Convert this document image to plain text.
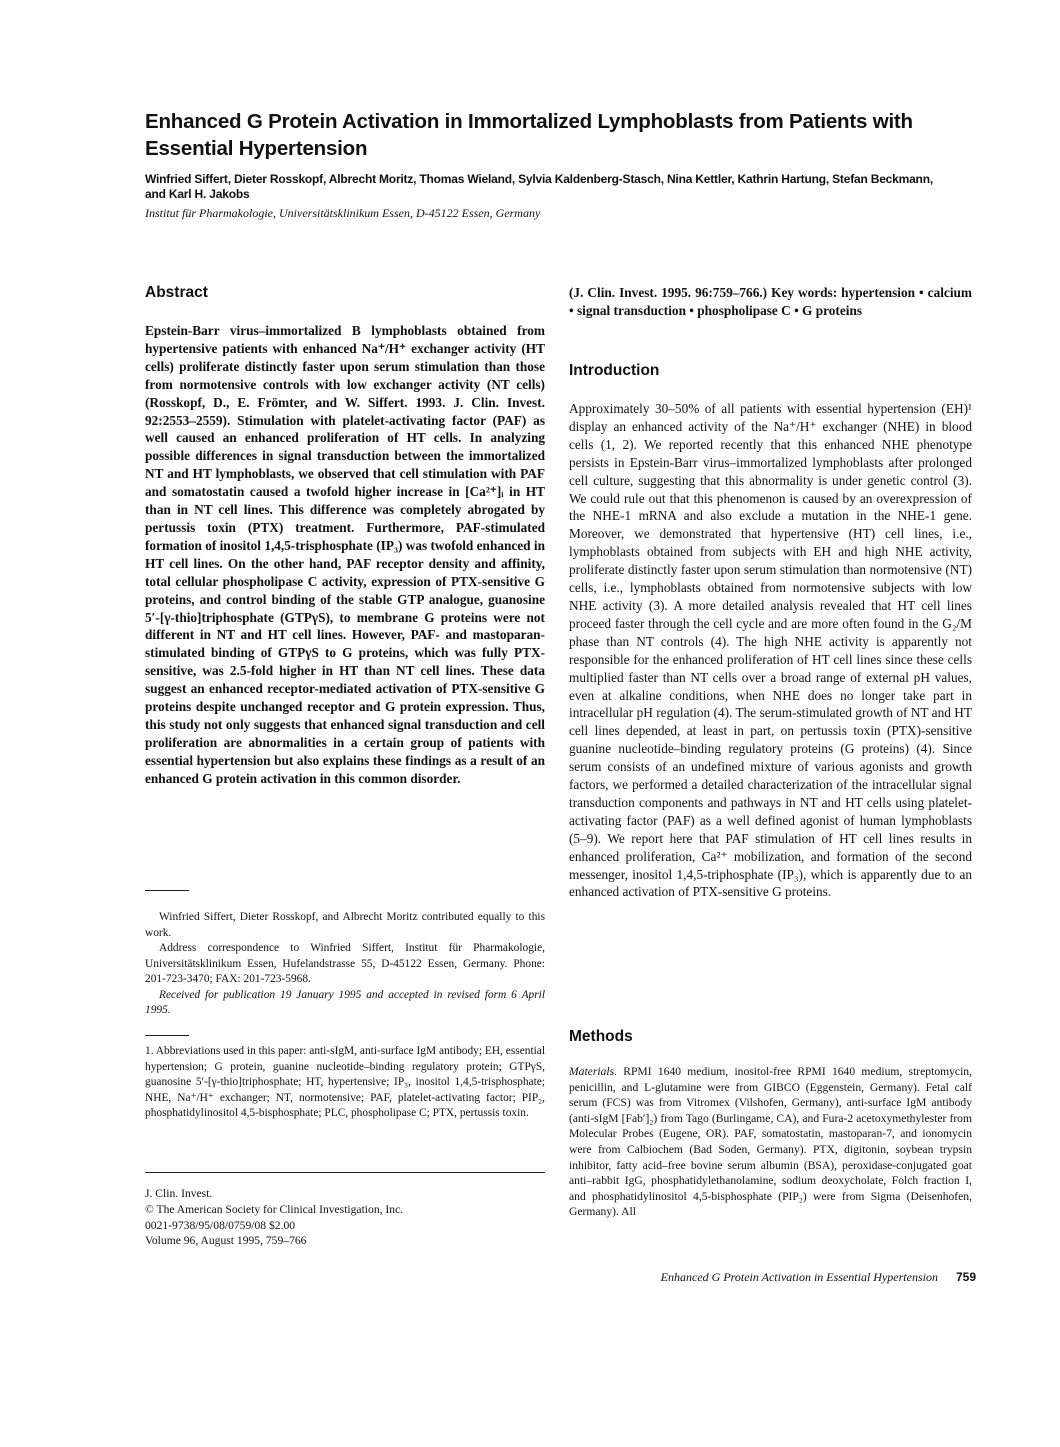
Enhanced G Protein Activation in Immortalized Lymphoblasts from Patients with Essential Hypertension
Winfried Siffert, Dieter Rosskopf, Albrecht Moritz, Thomas Wieland, Sylvia Kaldenberg-Stasch, Nina Kettler, Kathrin Hartung, Stefan Beckmann, and Karl H. Jakobs
Institut für Pharmakologie, Universitätsklinikum Essen, D-45122 Essen, Germany
Abstract
Epstein-Barr virus–immortalized B lymphoblasts obtained from hypertensive patients with enhanced Na⁺/H⁺ exchanger activity (HT cells) proliferate distinctly faster upon serum stimulation than those from normotensive controls with low exchanger activity (NT cells) (Rosskopf, D., E. Frömter, and W. Siffert. 1993. J. Clin. Invest. 92:2553–2559). Stimulation with platelet-activating factor (PAF) as well caused an enhanced proliferation of HT cells. In analyzing possible differences in signal transduction between the immortalized NT and HT lymphoblasts, we observed that cell stimulation with PAF and somatostatin caused a twofold higher increase in [Ca²⁺]ᵢ in HT than in NT cell lines. This difference was completely abrogated by pertussis toxin (PTX) treatment. Furthermore, PAF-stimulated formation of inositol 1,4,5-trisphosphate (IP₃) was twofold enhanced in HT cell lines. On the other hand, PAF receptor density and affinity, total cellular phospholipase C activity, expression of PTX-sensitive G proteins, and control binding of the stable GTP analogue, guanosine 5′-[γ-thio]triphosphate (GTPγS), to membrane G proteins were not different in NT and HT cell lines. However, PAF- and mastoparan-stimulated binding of GTPγS to G proteins, which was fully PTX-sensitive, was 2.5-fold higher in HT than NT cell lines. These data suggest an enhanced receptor-mediated activation of PTX-sensitive G proteins despite unchanged receptor and G protein expression. Thus, this study not only suggests that enhanced signal transduction and cell proliferation are abnormalities in a certain group of patients with essential hypertension but also explains these findings as a result of an enhanced G protein activation in this common disorder.

Winfried Siffert, Dieter Rosskopf, and Albrecht Moritz contributed equally to this work.

Address correspondence to Winfried Siffert, Institut für Pharmakologie, Universitätsklinikum Essen, Hufelandstrasse 55, D-45122 Essen, Germany. Phone: 201-723-3470; FAX: 201-723-5968.

Received for publication 19 January 1995 and accepted in revised form 6 April 1995.

1. Abbreviations used in this paper: anti-sIgM, anti-surface IgM antibody; EH, essential hypertension; G protein, guanine nucleotide–binding regulatory protein; GTPγS, guanosine 5′-[γ-thio]triphosphate; HT, hypertensive; IP₃, inositol 1,4,5-trisphosphate; NHE, Na⁺/H⁺ exchanger; NT, normotensive; PAF, platelet-activating factor; PIP₂, phosphatidylinositol 4,5-bisphosphate; PLC, phospholipase C; PTX, pertussis toxin.
J. Clin. Invest.
© The American Society for Clinical Investigation, Inc.
0021-9738/95/08/0759/08 $2.00
Volume 96, August 1995, 759–766
(J. Clin. Invest. 1995. 96:759–766.) Key words: hypertension • calcium • signal transduction • phospholipase C • G proteins
Introduction
Approximately 30–50% of all patients with essential hypertension (EH)¹ display an enhanced activity of the Na⁺/H⁺ exchanger (NHE) in blood cells (1, 2). We reported recently that this enhanced NHE phenotype persists in Epstein-Barr virus–immortalized lymphoblasts after prolonged cell culture, suggesting that this abnormality is under genetic control (3). We could rule out that this phenomenon is caused by an overexpression of the NHE-1 mRNA and also exclude a mutation in the NHE-1 gene. Moreover, we demonstrated that hypertensive (HT) cell lines, i.e., lymphoblasts obtained from subjects with EH and high NHE activity, proliferate distinctly faster upon serum stimulation than normotensive (NT) cells, i.e., lymphoblasts obtained from normotensive subjects with low NHE activity (3). A more detailed analysis revealed that HT cell lines proceed faster through the cell cycle and are more often found in the G₂/M phase than NT controls (4). The high NHE activity is apparently not responsible for the enhanced proliferation of HT cell lines since these cells multiplied faster than NT cells over a broad range of external pH values, even at alkaline conditions, when NHE does no longer take part in intracellular pH regulation (4). The serum-stimulated growth of NT and HT cell lines depended, at least in part, on pertussis toxin (PTX)-sensitive guanine nucleotide–binding regulatory proteins (G proteins) (4). Since serum consists of an undefined mixture of various agonists and growth factors, we performed a detailed characterization of the intracellular signal transduction components and pathways in NT and HT cells using platelet-activating factor (PAF) as a well defined agonist of human lymphoblasts (5–9). We report here that PAF stimulation of HT cell lines results in enhanced proliferation, Ca²⁺ mobilization, and formation of the second messenger, inositol 1,4,5-triphosphate (IP₃), which is apparently due to an enhanced activation of PTX-sensitive G proteins.
Methods
Materials. RPMI 1640 medium, inositol-free RPMI 1640 medium, streptomycin, penicillin, and L-glutamine were from GIBCO (Eggenstein, Germany). Fetal calf serum (FCS) was from Vitromex (Vilshofen, Germany), anti-surface IgM antibody (anti-sIgM [Fab′]₂) from Tago (Burlingame, CA), and Fura-2 acetoxymethylester from Molecular Probes (Eugene, OR). PAF, somatostatin, mastoparan-7, and ionomycin were from Calbiochem (Bad Soden, Germany). PTX, digitonin, soybean trypsin inhibitor, fatty acid–free bovine serum albumin (BSA), peroxidase-conjugated goat anti–rabbit IgG, phosphatidylethanolamine, sodium deoxycholate, Folch fraction I, and phosphatidylinositol 4,5-bisphosphate (PIP₂) were from Sigma (Deisenhofen, Germany). All
Enhanced G Protein Activation in Essential Hypertension 759
